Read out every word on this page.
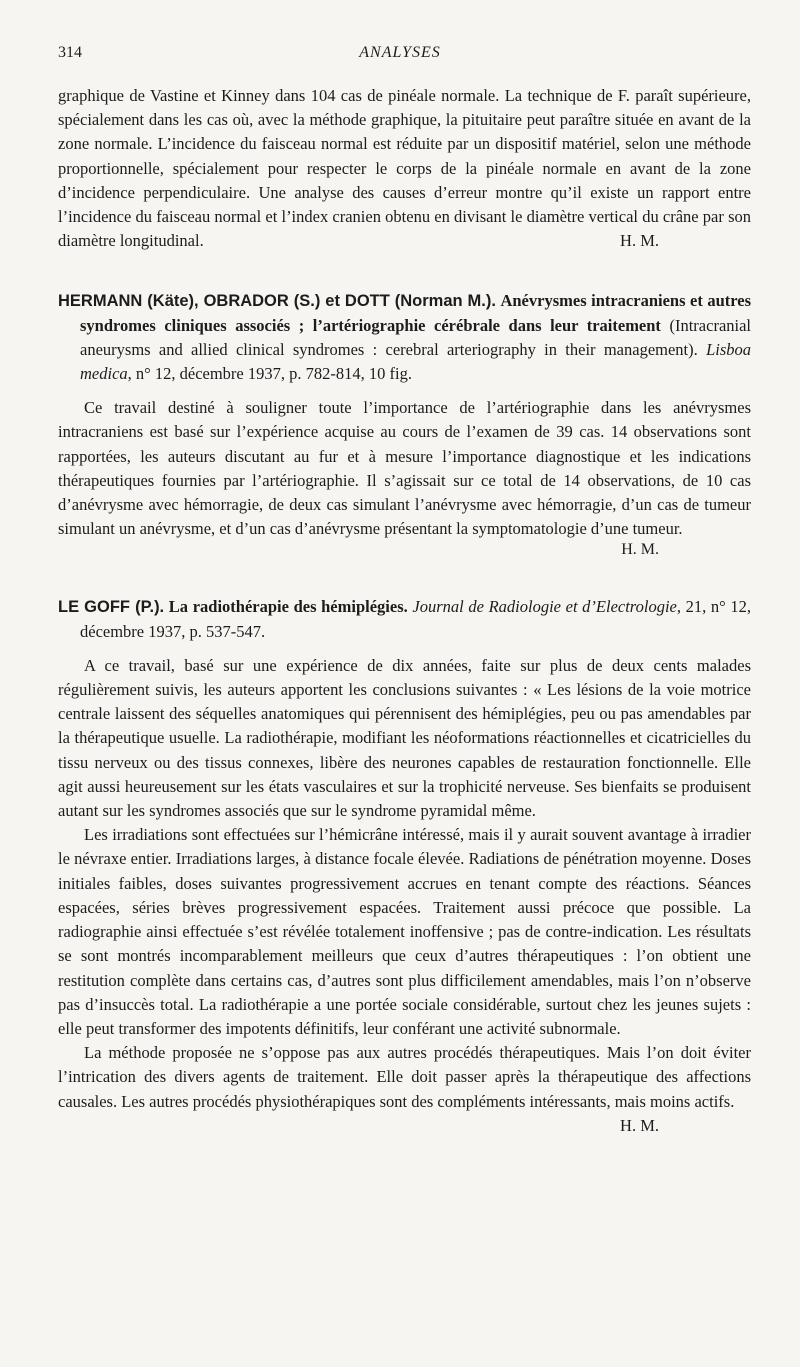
314	ANALYSES

graphique de Vastine et Kinney dans 104 cas de pinéale normale. La technique de F. paraît supérieure, spécialement dans les cas où, avec la méthode graphique, la pituitaire peut paraître située en avant de la zone normale. L’incidence du faisceau normal est réduite par un dispositif matériel, selon une méthode proportionnelle, spécialement pour respecter le corps de la pinéale normale en avant de la zone d’incidence perpendiculaire. Une analyse des causes d’erreur montre qu’il existe un rapport entre l’incidence du faisceau normal et l’index cranien obtenu en divisant le diamètre vertical du crâne par son diamètre longitudinal.	H. M.

HERMANN (Käte), OBRADOR (S.) et DOTT (Norman M.). Anévrysmes intracraniens et autres syndromes cliniques associés ; l’artériographie cérébrale dans leur traitement (Intracranial aneurysms and allied clinical syndromes : cerebral arteriography in their management). Lisboa medica, n° 12, décembre 1937, p. 782-814, 10 fig.

Ce travail destiné à souligner toute l’importance de l’artériographie dans les anévrysmes intracraniens est basé sur l’expérience acquise au cours de l’examen de 39 cas. 14 observations sont rapportées, les auteurs discutant au fur et à mesure l’importance diagnostique et les indications thérapeutiques fournies par l’artériographie. Il s’agissait sur ce total de 14 observations, de 10 cas d’anévrysme avec hémorragie, de deux cas simulant l’anévrysme avec hémorragie, d’un cas de tumeur simulant un anévrysme, et d’un cas d’anévrysme présentant la symptomatologie d’une tumeur.

H. M.
LE GOFF (P.). La radiothérapie des hémiplégies. Journal de Radiologie et d’Electrologie, 21, n° 12, décembre 1937, p. 537-547.

A ce travail, basé sur une expérience de dix années, faite sur plus de deux cents malades régulièrement suivis, les auteurs apportent les conclusions suivantes : « Les lésions de la voie motrice centrale laissent des séquelles anatomiques qui pérennisent des hémiplégies, peu ou pas amendables par la thérapeutique usuelle. La radiothérapie, modifiant les néoformations réactionnelles et cicatricielles du tissu nerveux ou des tissus connexes, libère des neurones capables de restauration fonctionnelle. Elle agit aussi heureusement sur les états vasculaires et sur la trophicité nerveuse. Ses bienfaits se produisent autant sur les syndromes associés que sur le syndrome pyramidal même.

Les irradiations sont effectuées sur l’hémicrâne intéressé, mais il y aurait souvent avantage à irradier le névraxe entier. Irradiations larges, à distance focale élevée. Radiations de pénétration moyenne. Doses initiales faibles, doses suivantes progressivement accrues en tenant compte des réactions. Séances espacées, séries brèves progressivement espacées. Traitement aussi précoce que possible. La radiographie ainsi effectuée s’est révélée totalement inoffensive ; pas de contre-indication. Les résultats se sont montrés incomparablement meilleurs que ceux d’autres thérapeutiques : l’on obtient une restitution complète dans certains cas, d’autres sont plus difficilement amendables, mais l’on n’observe pas d’insuccès total. La radiothérapie a une portée sociale considérable, surtout chez les jeunes sujets : elle peut transformer des impotents définitifs, leur conférant une activité subnormale.

La méthode proposée ne s’oppose pas aux autres procédés thérapeutiques. Mais l’on doit éviter l’intrication des divers agents de traitement. Elle doit passer après la thérapeutique des affections causales. Les autres procédés physiothérapiques sont des compléments intéressants, mais moins actifs.
H. M.
